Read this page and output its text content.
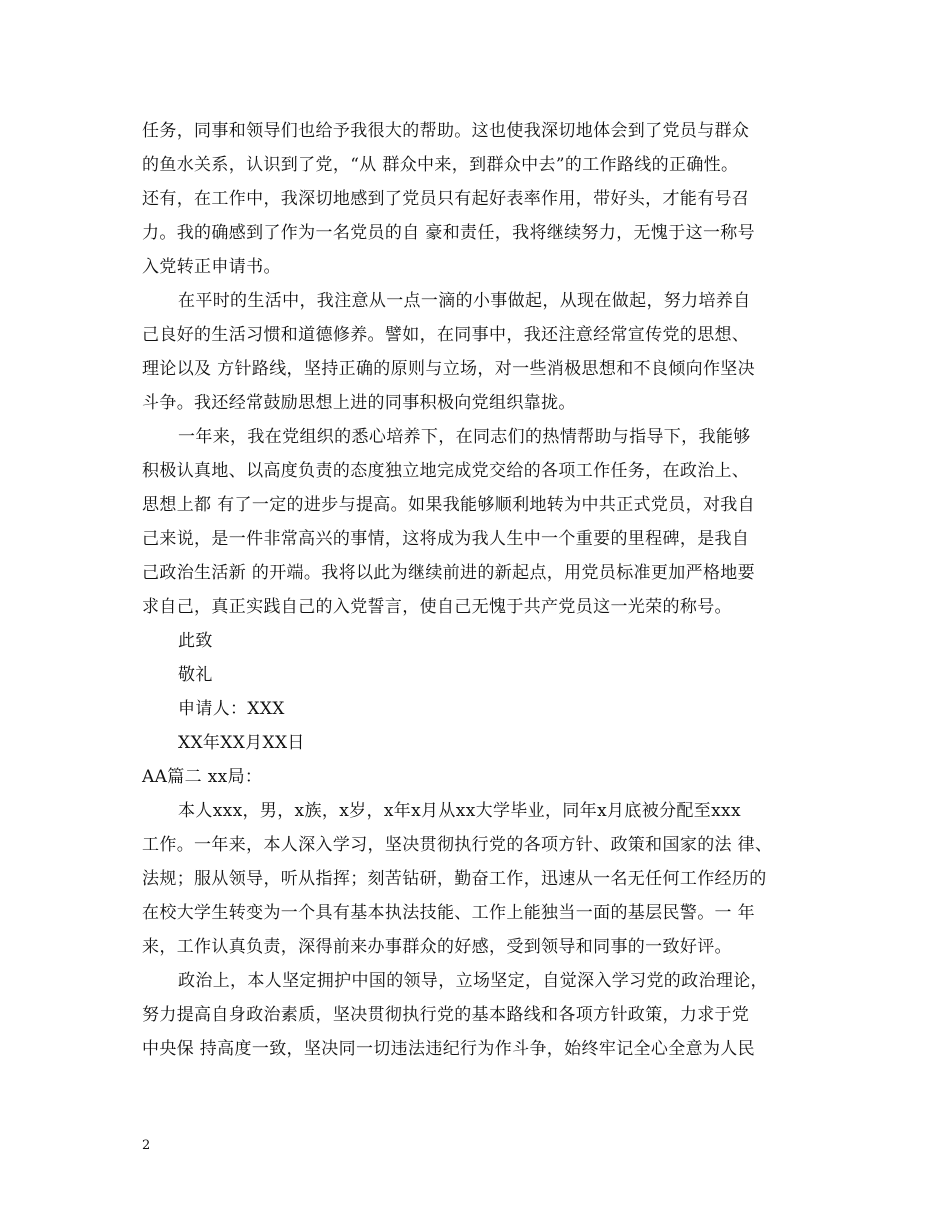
任务，同事和领导们也给予我很大的帮助。这也使我深切地体会到了党员与群众
的鱼水关系，认识到了党，“从 群众中来，到群众中去”的工作路线的正确性。
还有，在工作中，我深切地感到了党员只有起好表率作用，带好头，才能有号召
力。我的确感到了作为一名党员的自 豪和责任，我将继续努力，无愧于这一称号
入党转正申请书。
在平时的生活中，我注意从一点一滴的小事做起，从现在做起，努力培养自
己良好的生活习惯和道德修养。譬如，在同事中，我还注意经常宣传党的思想、
理论以及 方针路线，坚持正确的原则与立场，对一些消极思想和不良倾向作坚决
斗争。我还经常鼓励思想上进的同事积极向党组织靠拢。
一年来，我在党组织的悉心培养下，在同志们的热情帮助与指导下，我能够
积极认真地、以高度负责的态度独立地完成党交给的各项工作任务，在政治上、
思想上都 有了一定的进步与提高。如果我能够顺利地转为中共正式党员，对我自
己来说，是一件非常高兴的事情，这将成为我人生中一个重要的里程碑，是我自
己政治生活新 的开端。我将以此为继续前进的新起点，用党员标准更加严格地要
求自己，真正实践自己的入党誓言，使自己无愧于共产党员这一光荣的称号。
此致
敬礼
申请人：XXX
XX年XX月XX日
AA篇二 xx局：
本人xxx，男，x族，x岁，x年x月从xx大学毕业，同年x月底被分配至xxx
工作。一年来，本人深入学习，坚决贯彻执行党的各项方针、政策和国家的法 律、
法规；服从领导，听从指挥；刻苦钻研，勤奋工作，迅速从一名无任何工作经历的
在校大学生转变为一个具有基本执法技能、工作上能独当一面的基层民警。一 年
来，工作认真负责，深得前来办事群众的好感，受到领导和同事的一致好评。
政治上，本人坚定拥护中国的领导，立场坚定，自觉深入学习党的政治理论，
努力提高自身政治素质，坚决贯彻执行党的基本路线和各项方针政策，力求于党
中央保 持高度一致，坚决同一切违法违纪行为作斗争，始终牢记全心全意为人民
2
